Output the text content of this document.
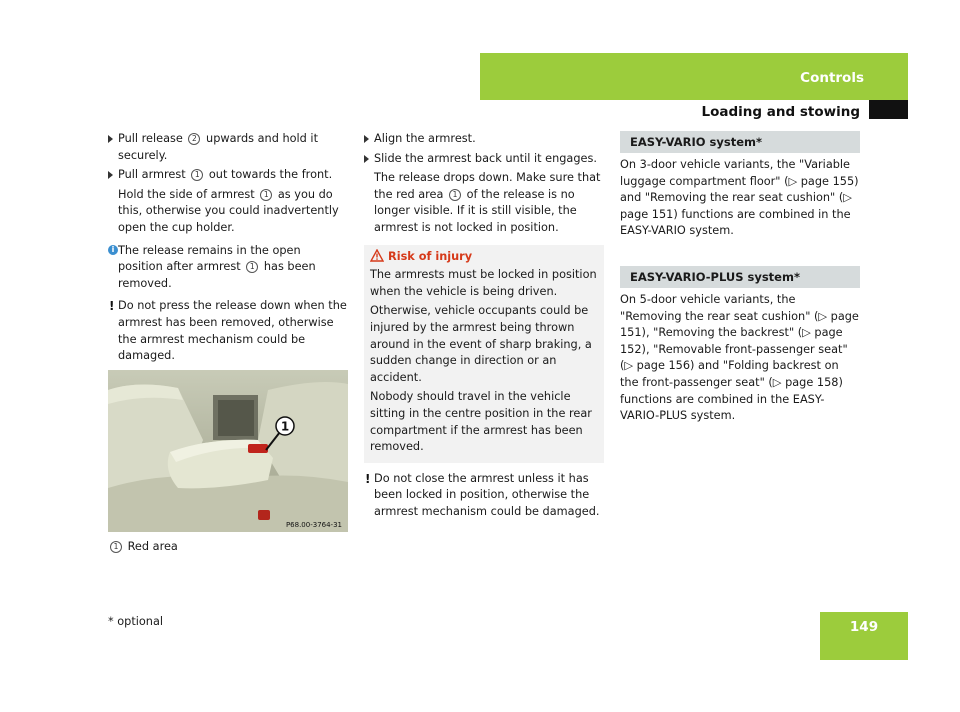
Controls
Loading and stowing
Pull release 2 upwards and hold it securely.
Pull armrest 1 out towards the front.
Hold the side of armrest 1 as you do this, otherwise you could inadvertently open the cup holder.
i The release remains in the open position after armrest 1 has been removed.
! Do not press the release down when the armrest has been removed, otherwise the armrest mechanism could be damaged.
1
P68.00-3764-31
1 Red area
Align the armrest.
Slide the armrest back until it engages.
The release drops down. Make sure that the red area 1 of the release is no longer visible. If it is still visible, the armrest is not locked in position.
Risk of injury
The armrests must be locked in position when the vehicle is being driven.
Otherwise, vehicle occupants could be injured by the armrest being thrown around in the event of sharp braking, a sudden change in direction or an accident.
Nobody should travel in the vehicle sitting in the centre position in the rear compartment if the armrest has been removed.
! Do not close the armrest unless it has been locked in position, otherwise the armrest mechanism could be damaged.
EASY-VARIO system*
On 3-door vehicle variants, the "Variable luggage compartment floor" (▷ page 155) and "Removing the rear seat cushion" (▷ page 151) functions are combined in the EASY-VARIO system.
EASY-VARIO-PLUS system*
On 5-door vehicle variants, the "Removing the rear seat cushion" (▷ page 151), "Removing the backrest" (▷ page 152), "Removable front-passenger seat" (▷ page 156) and "Folding backrest on the front-passenger seat" (▷ page 158) functions are combined in the EASY-VARIO-PLUS system.
* optional	149
